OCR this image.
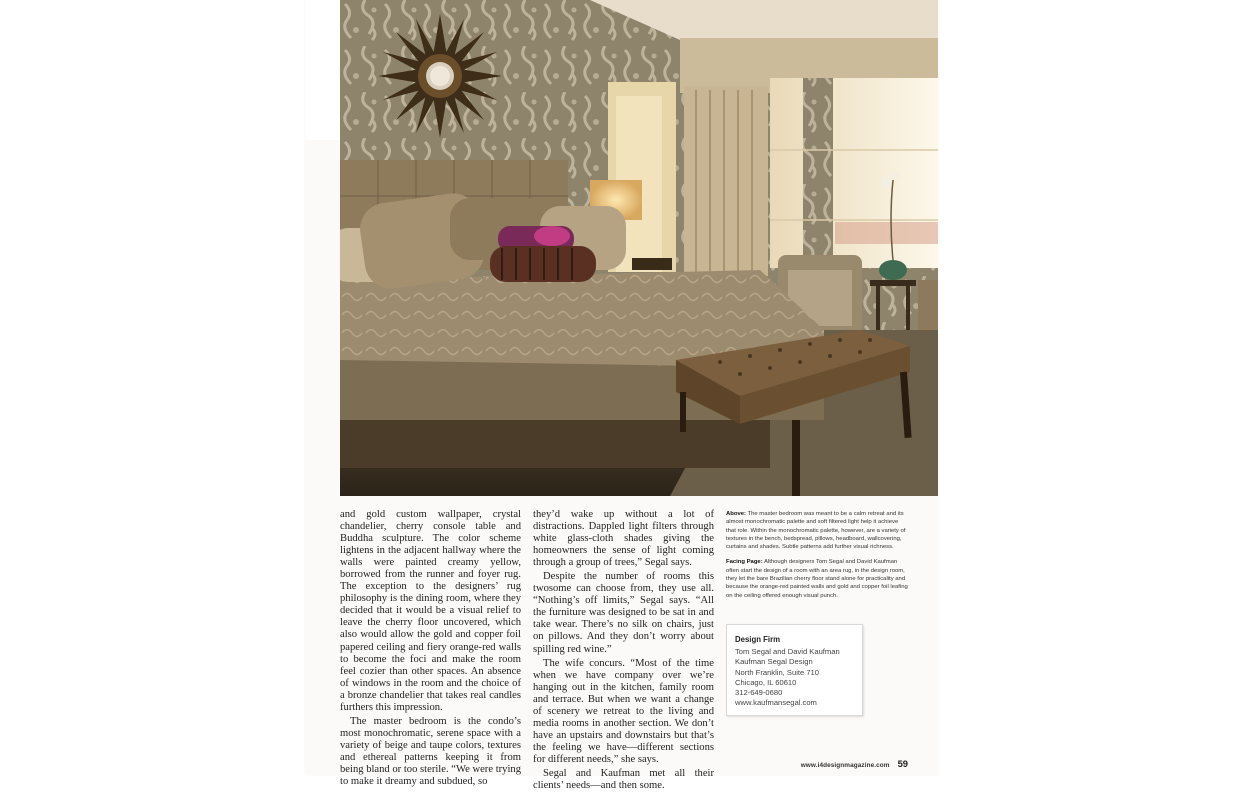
and gold custom wallpaper, crystal chandelier, cherry console table and Buddha sculpture. The color scheme lightens in the adjacent hallway where the walls were painted creamy yellow, borrowed from the runner and foyer rug. The exception to the designers’ rug philosophy is the dining room, where they decided that it would be a visual relief to leave the cherry floor uncovered, which also would allow the gold and copper foil papered ceiling and fiery orange-red walls to become the foci and make the room feel cozier than other spaces. An absence of windows in the room and the choice of a bronze chandelier that takes real candles furthers this impression.

The master bedroom is the condo’s most monochromatic, serene space with a variety of beige and taupe colors, textures and ethereal patterns keeping it from being bland or too sterile. “We were trying to make it dreamy and subdued, so

they’d wake up without a lot of distractions. Dappled light filters through white glass-cloth shades giving the homeowners the sense of light coming through a group of trees,” Segal says.

Despite the number of rooms this twosome can choose from, they use all. “Nothing’s off limits,” Segal says. “All the furniture was designed to be sat in and take wear. There’s no silk on chairs, just on pillows. And they don’t worry about spilling red wine.”

The wife concurs. “Most of the time when we have company over we’re hanging out in the kitchen, family room and terrace. But when we want a change of scenery we retreat to the living and media rooms in another section. We don’t have an upstairs and downstairs but that’s the feeling we have—different sections for different needs,” she says.

Segal and Kaufman met all their clients’ needs—and then some.

Above: The master bedroom was meant to be a calm retreat and its almost monochromatic palette and soft filtered light help it achieve that role. Within the monochromatic palette, however, are a variety of textures in the bench, bedspread, pillows, headboard, wallcovering, curtains and shades. Subtle patterns add further visual richness.

Facing Page: Although designers Tom Segal and David Kaufman often start the design of a room with an area rug, in the design room, they let the bare Brazilian cherry floor stand alone for practicality and because the orange-red painted walls and gold and copper foil leafing on the ceiling offered enough visual punch.

Design Firm
Tom Segal and David Kaufman
Kaufman Segal Design
North Franklin, Suite 710
Chicago, IL 60610
312-649-0680
www.kaufmansegal.com
www.i4designmagazine.com 59
